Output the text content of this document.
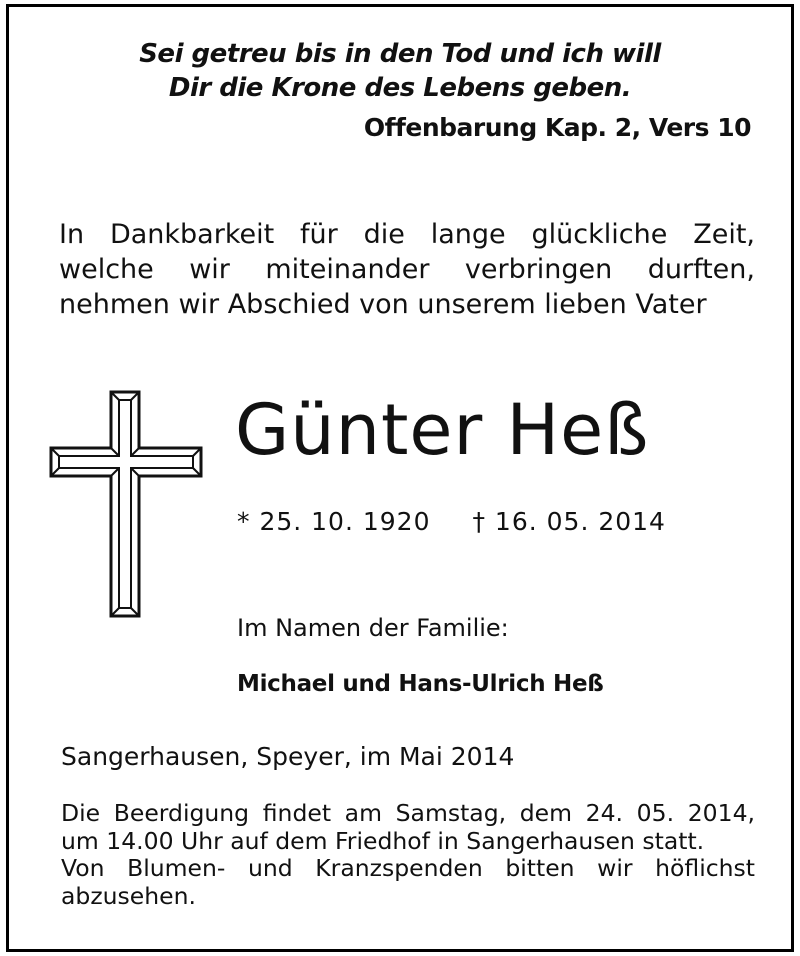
Sei getreu bis in den Tod und ich will
Dir die Krone des Lebens geben.
Offenbarung Kap. 2, Vers 10
In Dankbarkeit für die lange glückliche Zeit,
welche wir miteinander verbringen durften,
nehmen wir Abschied von unserem lieben Vater
Günter Heß
* 25. 10. 1920 † 16. 05. 2014
Im Namen der Familie:
Michael und Hans-Ulrich Heß
Sangerhausen, Speyer, im Mai 2014
Die Beerdigung findet am Samstag, dem 24. 05. 2014,
um 14.00 Uhr auf dem Friedhof in Sangerhausen statt.
Von Blumen- und Kranzspenden bitten wir höflichst
abzusehen.
